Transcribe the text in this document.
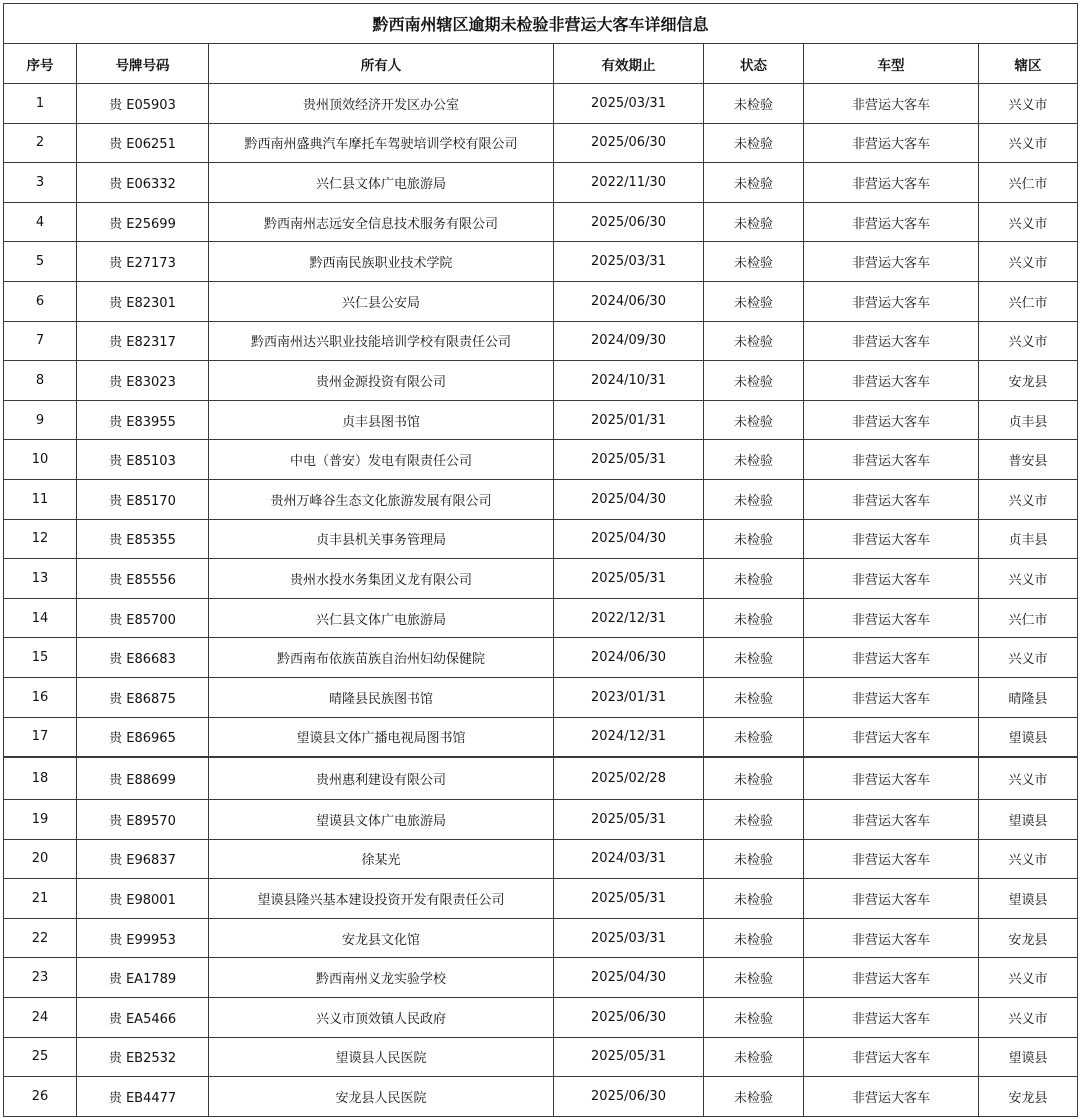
黔西南州辖区逾期未检验非营运大客车详细信息						
序号	号牌号码	所有人	有效期止	状态	车型	辖区
1	贵 E05903	贵州顶效经济开发区办公室	2025/03/31	未检验	非营运大客车	兴义市
2	贵 E06251	黔西南州盛典汽车摩托车驾驶培训学校有限公司	2025/06/30	未检验	非营运大客车	兴义市
3	贵 E06332	兴仁县文体广电旅游局	2022/11/30	未检验	非营运大客车	兴仁市
4	贵 E25699	黔西南州志远安全信息技术服务有限公司	2025/06/30	未检验	非营运大客车	兴义市
5	贵 E27173	黔西南民族职业技术学院	2025/03/31	未检验	非营运大客车	兴义市
6	贵 E82301	兴仁县公安局	2024/06/30	未检验	非营运大客车	兴仁市
7	贵 E82317	黔西南州达兴职业技能培训学校有限责任公司	2024/09/30	未检验	非营运大客车	兴义市
8	贵 E83023	贵州金源投资有限公司	2024/10/31	未检验	非营运大客车	安龙县
9	贵 E83955	贞丰县图书馆	2025/01/31	未检验	非营运大客车	贞丰县
10	贵 E85103	中电（普安）发电有限责任公司	2025/05/31	未检验	非营运大客车	普安县
11	贵 E85170	贵州万峰谷生态文化旅游发展有限公司	2025/04/30	未检验	非营运大客车	兴义市
12	贵 E85355	贞丰县机关事务管理局	2025/04/30	未检验	非营运大客车	贞丰县
13	贵 E85556	贵州水投水务集团义龙有限公司	2025/05/31	未检验	非营运大客车	兴义市
14	贵 E85700	兴仁县文体广电旅游局	2022/12/31	未检验	非营运大客车	兴仁市
15	贵 E86683	黔西南布依族苗族自治州妇幼保健院	2024/06/30	未检验	非营运大客车	兴义市
16	贵 E86875	晴隆县民族图书馆	2023/01/31	未检验	非营运大客车	晴隆县
17	贵 E86965	望谟县文体广播电视局图书馆	2024/12/31	未检验	非营运大客车	望谟县
18	贵 E88699	贵州惠利建设有限公司	2025/02/28	未检验	非营运大客车	兴义市
19	贵 E89570	望谟县文体广电旅游局	2025/05/31	未检验	非营运大客车	望谟县
20	贵 E96837	徐某光	2024/03/31	未检验	非营运大客车	兴义市
21	贵 E98001	望谟县隆兴基本建设投资开发有限责任公司	2025/05/31	未检验	非营运大客车	望谟县
22	贵 E99953	安龙县文化馆	2025/03/31	未检验	非营运大客车	安龙县
23	贵 EA1789	黔西南州义龙实验学校	2025/04/30	未检验	非营运大客车	兴义市
24	贵 EA5466	兴义市顶效镇人民政府	2025/06/30	未检验	非营运大客车	兴义市
25	贵 EB2532	望谟县人民医院	2025/05/31	未检验	非营运大客车	望谟县
26	贵 EB4477	安龙县人民医院	2025/06/30	未检验	非营运大客车	安龙县
